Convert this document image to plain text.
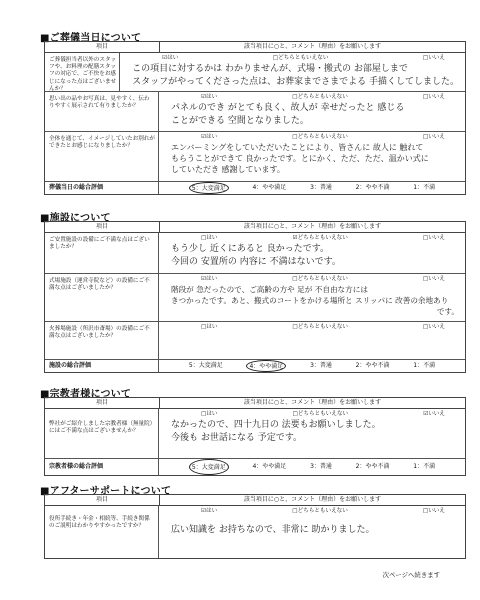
■ご葬儀当日について
項目	該当項目に○と、コメント（理由）をお願いします
ご葬儀担当者以外のスタッフや、お料理の配膳スタッフの対応で、ご不快をお感じになった点はございませんか？
☑はい	□どちらともいえない	□いいえ
この項目に対するかは わかりませんが、式場・搬式の お部屋しまで
スタッフがやってくださった点は、お葬家までさまでよる 手描くしてしました。
思い出の品やお写真は、見やすく、伝わりやすく展示されて有りましたか？
☑はい	□どちらともいえない	□いいえ
パネルのでき がとても良く、故人が 幸せだったと 感じる
ことができる 空間となりました。
全体を通じて、イメージしていたお別れができたとお感じになりましたか？
☑はい	□どちらともいえない	□いいえ
エンバーミングをしていただいたことにより、皆さんに 故人に 触れて
もらうことができて 良かったです。とにかく、ただ、ただ、温かい式に
していただき 感謝しています。
葬儀当日の総合評価	5：大変満足	4：やや満足	3：普通	2：やや不満	1：不満
■施設について
項目	該当項目に○と、コメント（理由）をお願いします
ご安置施設の設備にご不満な点はございましたか？
□はい	☑どちらともいえない	□いいえ
もう少し 近くにあると 良かったです。
今回の 安置所の 内容に 不満はないです。
式場施設（運営寺院など）の設備にご不満な点はございましたか？
☑はい	□どちらともいえない	□いいえ
階段が 急だったので、ご高齢の方や 足が 不自由な方には
きつかったです。あと、搬式のコートをかける場所と スリッパに 改善の余地あり
です。
火葬場施設（所沢市斎場）の設備にご不満な点はございましたか？
□はい	□どちらともいえない	□いいえ
施設の総合評価	5：大変満足	4：やや満足	3：普通	2：やや不満	1：不満
■宗教者様について
項目	該当項目に○と、コメント（理由）をお願いします
弊社がご紹介しました宗教者様（無量院）にはご不満な点はございませんか？
□はい	□どちらともいえない	☑いいえ
なかったので、四十九日の 法要もお願いしました。
今後も お世話になる 予定です。
宗教者様の総合評価	5：大変満足	4：やや満足	3：普通	2：やや不満	1：不満
■アフターサポートについて
項目	該当項目に○と、コメント（理由）をお願いします
役所手続き・年金・相続等、手続き関係のご説明はわかりやすかったですか？
☑はい	□どちらともいえない	□いいえ
広い知識を お持ちなので、非常に 助かりました。
次ページへ続きます
